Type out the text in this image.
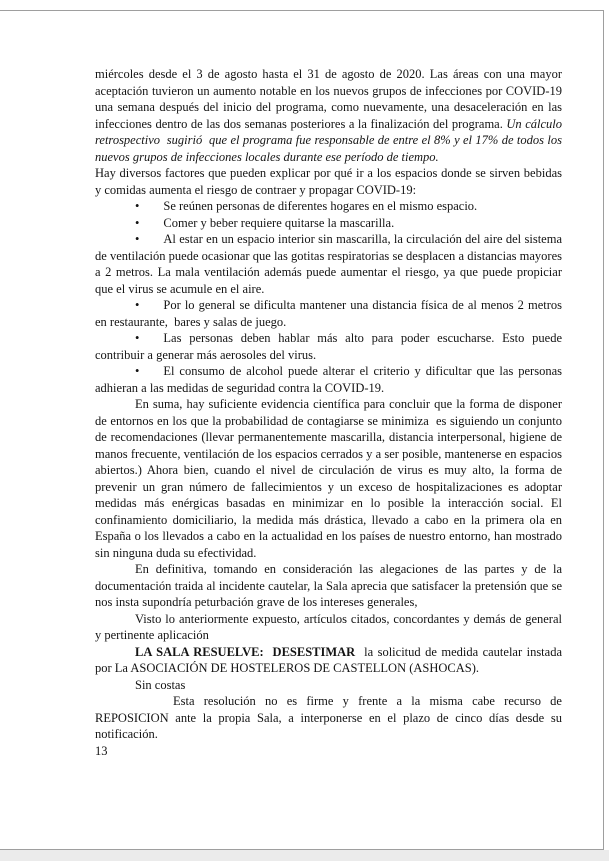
miércoles desde el 3 de agosto hasta el 31 de agosto de 2020. Las áreas con una mayor aceptación tuvieron un aumento notable en los nuevos grupos de infecciones por COVID-19 una semana después del inicio del programa, como nuevamente, una desaceleración en las infecciones dentro de las dos semanas posteriores a la finalización del programa. Un cálculo retrospectivo  sugirió  que el programa fue responsable de entre el 8% y el 17% de todos los nuevos grupos de infecciones locales durante ese período de tiempo.

Hay diversos factores que pueden explicar por qué ir a los espacios donde se sirven bebidas y comidas aumenta el riesgo de contraer y propagar COVID-19:

• Se reúnen personas de diferentes hogares en el mismo espacio.

• Comer y beber requiere quitarse la mascarilla.

• Al estar en un espacio interior sin mascarilla, la circulación del aire del sistema de ventilación puede ocasionar que las gotitas respiratorias se desplacen a distancias mayores a 2 metros. La mala ventilación además puede aumentar el riesgo, ya que puede propiciar que el virus se acumule en el aire.

• Por lo general se dificulta mantener una distancia física de al menos 2 metros en restaurante,  bares y salas de juego.

• Las personas deben hablar más alto para poder escucharse. Esto puede contribuir a generar más aerosoles del virus.

• El consumo de alcohol puede alterar el criterio y dificultar que las personas adhieran a las medidas de seguridad contra la COVID-19.

En suma, hay suficiente evidencia científica para concluir que la forma de disponer de entornos en los que la probabilidad de contagiarse se minimiza  es siguiendo un conjunto de recomendaciones (llevar permanentemente mascarilla, distancia interpersonal, higiene de manos frecuente, ventilación de los espacios cerrados y a ser posible, mantenerse en espacios abiertos.) Ahora bien, cuando el nivel de circulación de virus es muy alto, la forma de prevenir un gran número de fallecimientos y un exceso de hospitalizaciones es adoptar medidas más enérgicas basadas en minimizar en lo posible la interacción social. El confinamiento domiciliario, la medida más drástica, llevado a cabo en la primera ola en España o los llevados a cabo en la actualidad en los países de nuestro entorno, han mostrado sin ninguna duda su efectividad.

En definitiva, tomando en consideración las alegaciones de las partes y de la documentación traida al incidente cautelar, la Sala aprecia que satisfacer la pretensión que se nos insta supondría peturbación grave de los intereses generales,

Visto lo anteriormente expuesto, artículos citados, concordantes y demás de general y pertinente aplicación

LA SALA RESUELVE:  DESESTIMAR  la solicitud de medida cautelar instada por La ASOCIACIÓN DE HOSTELEROS DE CASTELLON (ASHOCAS).

Sin costas

Esta resolución no es firme y frente a la misma cabe recurso de REPOSICION ante la propia Sala, a interponerse en el plazo de cinco días desde su notificación.

13
